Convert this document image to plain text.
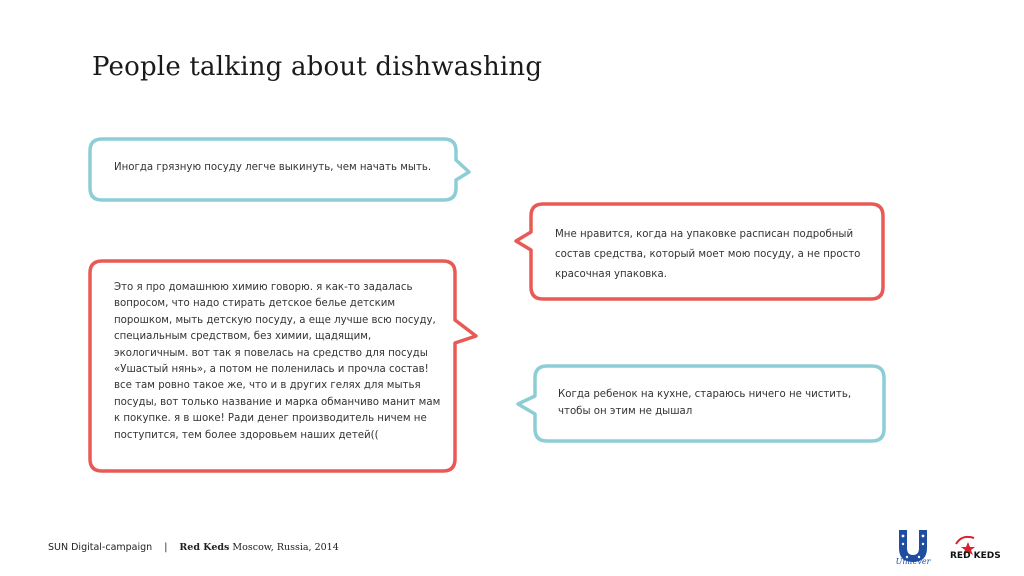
People talking about dishwashing
Иногда грязную посуду легче выкинуть, чем начать мыть.
Мне нравится, когда на упаковке расписан подробный состав средства, который моет мою посуду, а не просто красочная упаковка.
Это я про домашнюю химию говорю. я как-то задалась вопросом, что надо стирать детское белье детским порошком, мыть детскую посуду, а еще лучше всю посуду, специальным средством, без химии, щадящим, экологичным. вот так я повелась на средство для посуды «Ушастый нянь», а потом не поленилась и прочла состав! все там ровно такое же, что и в других гелях для мытья посуды, вот только название и марка обманчиво манит мам к покупке. я в шоке! Ради денег производитель ничем не поступится, тем более здоровьем наших детей((
Когда ребенок на кухне, стараюсь ничего не чистить, чтобы он этим не дышал
SUN Digital-campaign | Red Keds Moscow, Russia, 2014
Unilever
RED KEDS
